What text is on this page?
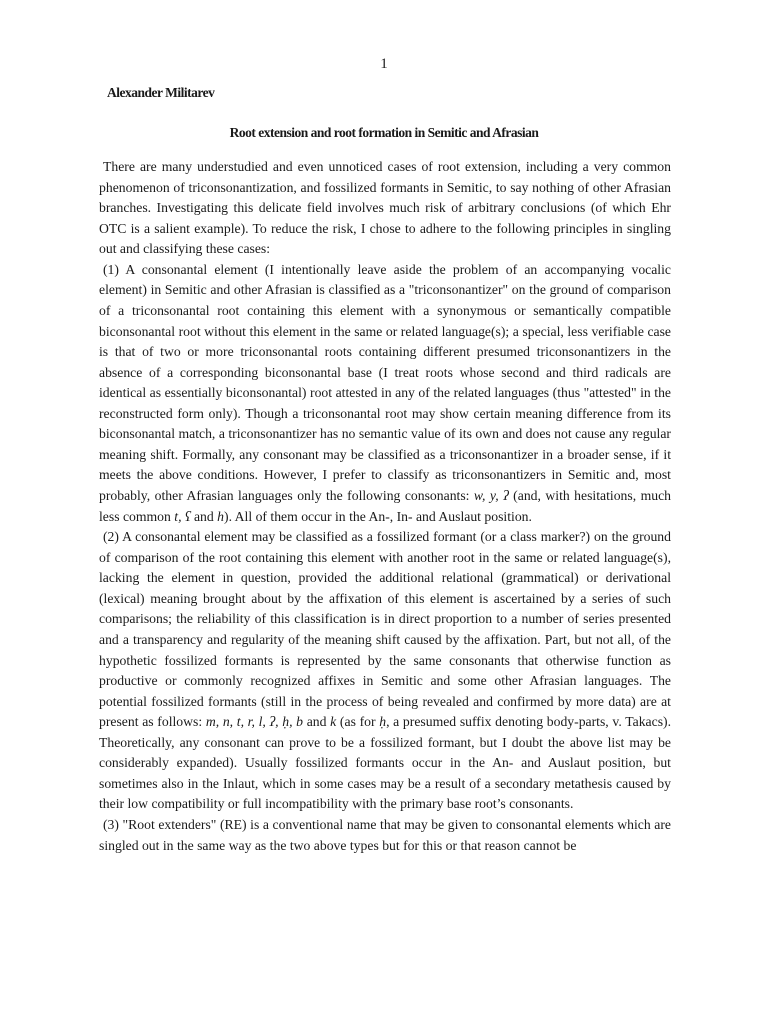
1
Alexander Militarev
Root extension and root formation in Semitic and Afrasian

There are many understudied and even unnoticed cases of root extension, including a very common phenomenon of triconsonantization, and fossilized formants in Semitic, to say nothing of other Afrasian branches. Investigating this delicate field involves much risk of arbitrary conclusions (of which Ehr OTC is a salient example). To reduce the risk, I chose to adhere to the following principles in singling out and classifying these cases:

(1) A consonantal element (I intentionally leave aside the problem of an accompanying vocalic element) in Semitic and other Afrasian is classified as a "triconsonantizer" on the ground of comparison of a triconsonantal root containing this element with a synonymous or semantically compatible biconsonantal root without this element in the same or related language(s); a special, less verifiable case is that of two or more triconsonantal roots containing different presumed triconsonantizers in the absence of a corresponding biconsonantal base (I treat roots whose second and third radicals are identical as essentially biconsonantal) root attested in any of the related languages (thus "attested" in the reconstructed form only). Though a triconsonantal root may show certain meaning difference from its biconsonantal match, a triconsonantizer has no semantic value of its own and does not cause any regular meaning shift. Formally, any consonant may be classified as a triconsonantizer in a broader sense, if it meets the above conditions. However, I prefer to classify as triconsonantizers in Semitic and, most probably, other Afrasian languages only the following consonants: w, y, ʔ (and, with hesitations, much less common t, ʕ and h). All of them occur in the An-, In- and Auslaut position.

(2) A consonantal element may be classified as a fossilized formant (or a class marker?) on the ground of comparison of the root containing this element with another root in the same or related language(s), lacking the element in question, provided the additional relational (grammatical) or derivational (lexical) meaning brought about by the affixation of this element is ascertained by a series of such comparisons; the reliability of this classification is in direct proportion to a number of series presented and a transparency and regularity of the meaning shift caused by the affixation. Part, but not all, of the hypothetic fossilized formants is represented by the same consonants that otherwise function as productive or commonly recognized affixes in Semitic and some other Afrasian languages. The potential fossilized formants (still in the process of being revealed and confirmed by more data) are at present as follows: m, n, t, r, l, ʔ, ḥ, b and k (as for ḥ, a presumed suffix denoting body-parts, v. Takacs). Theoretically, any consonant can prove to be a fossilized formant, but I doubt the above list may be considerably expanded). Usually fossilized formants occur in the An- and Auslaut position, but sometimes also in the Inlaut, which in some cases may be a result of a secondary metathesis caused by their low compatibility or full incompatibility with the primary base root’s consonants.

(3) "Root extenders" (RE) is a conventional name that may be given to consonantal elements which are singled out in the same way as the two above types but for this or that reason cannot be
